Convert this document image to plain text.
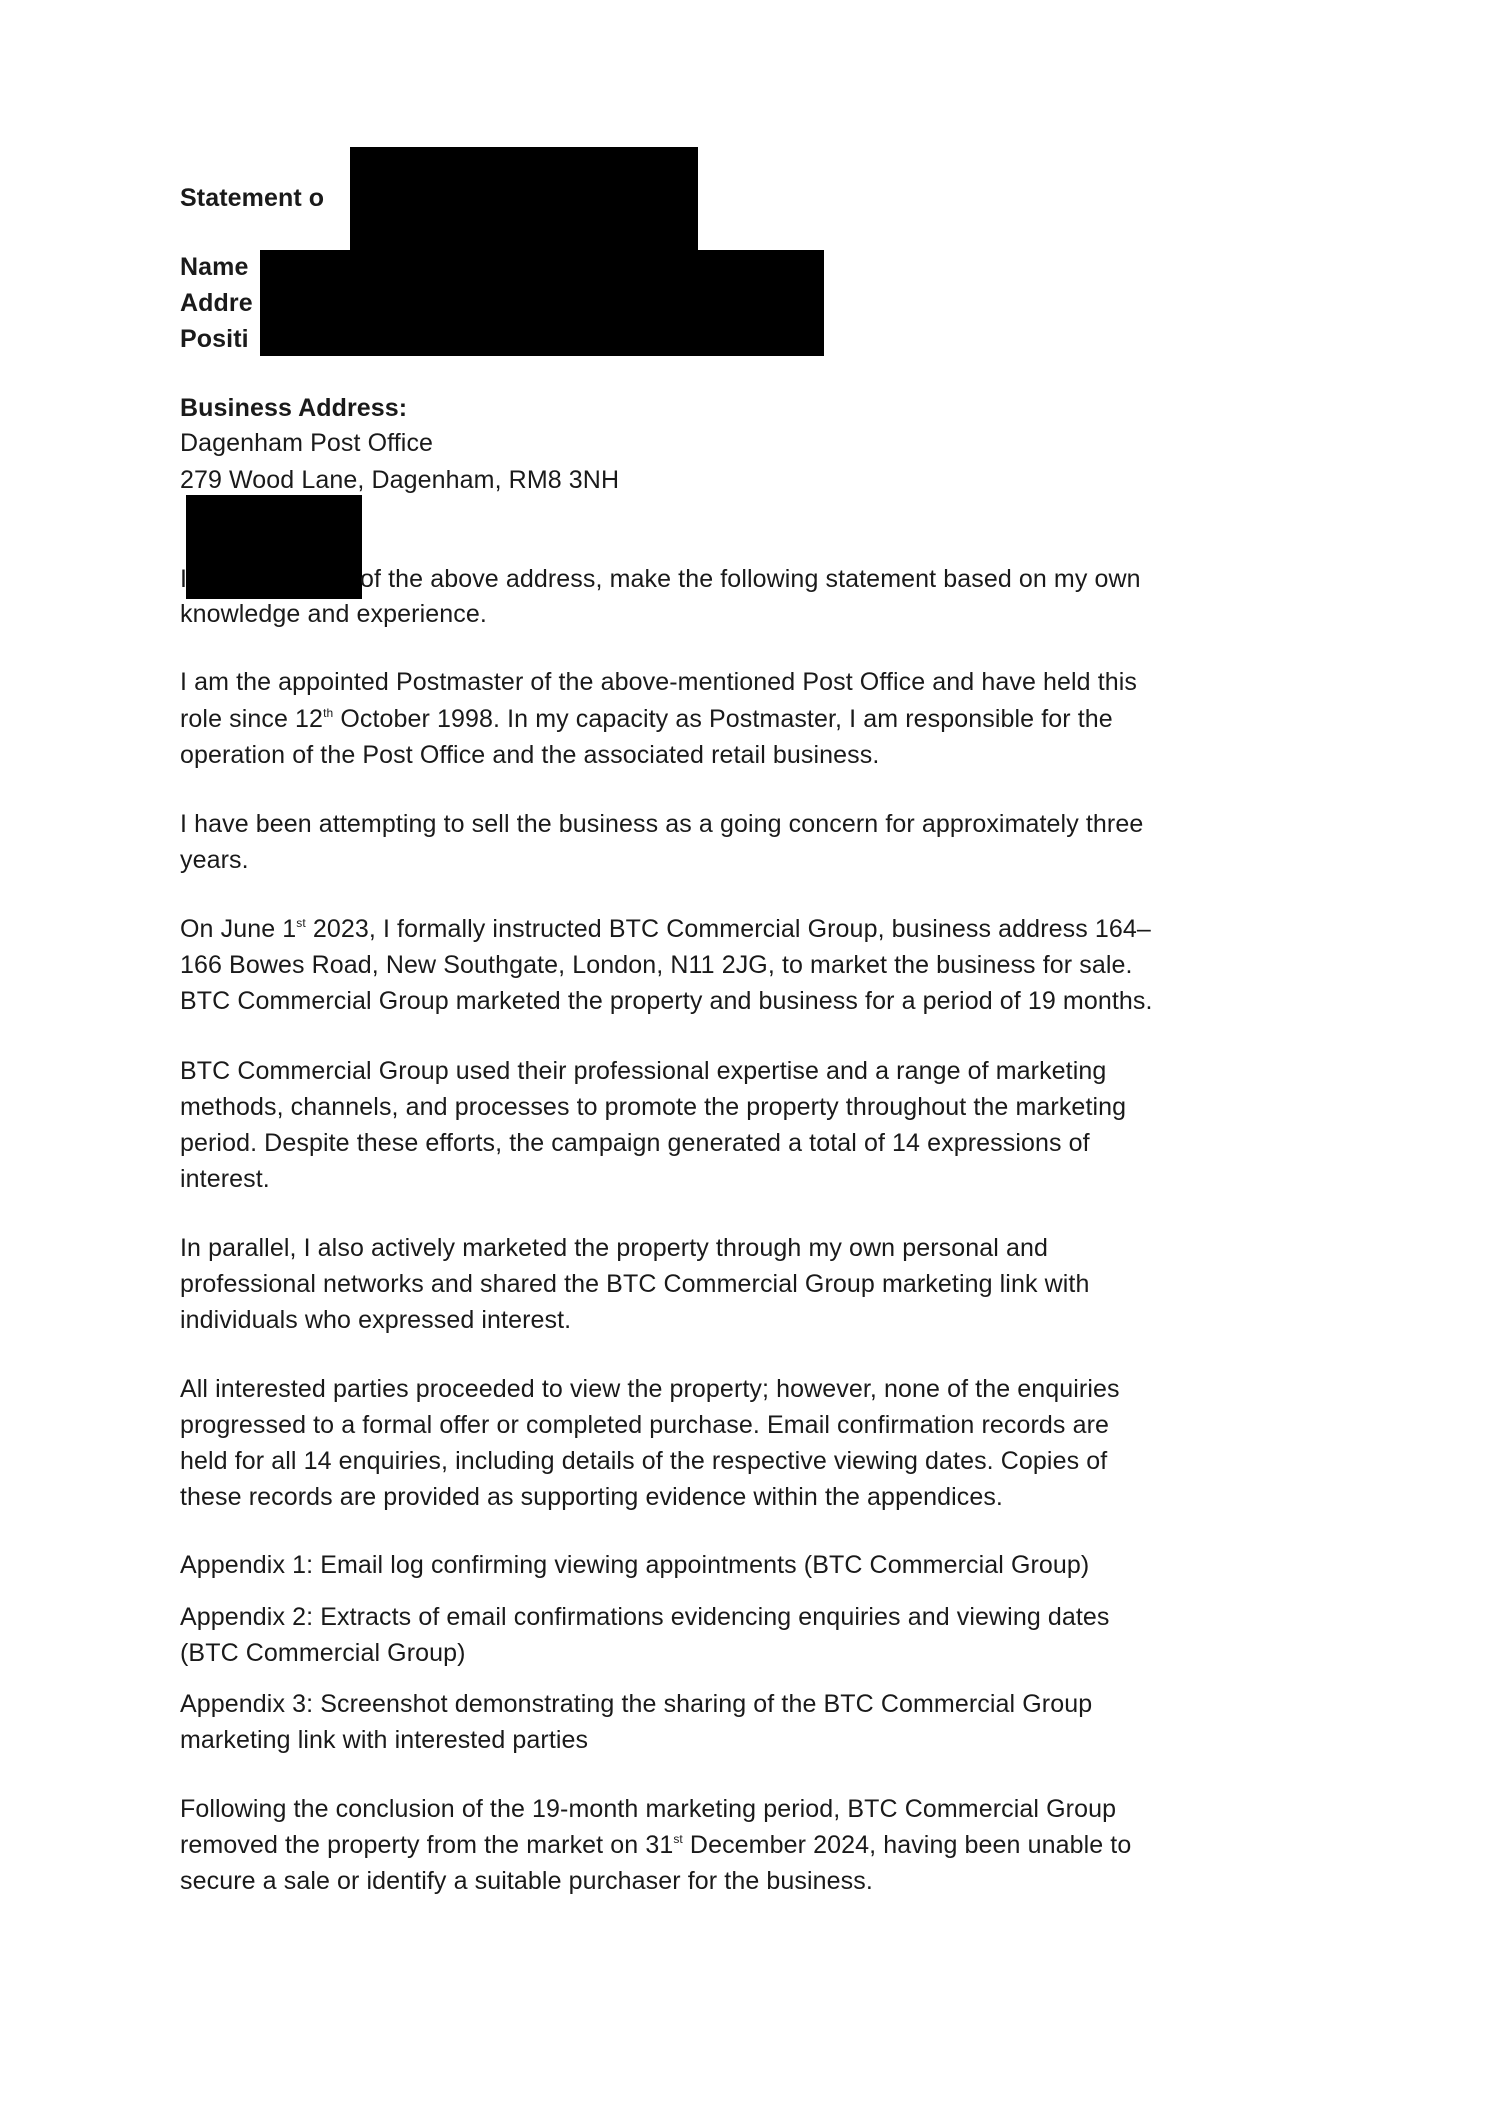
Statement o
Name
Addre
Positi
Business Address:
Dagenham Post Office
279 Wood Lane, Dagenham, RM8 3NH
I	of the above address, make the following statement based on my own
knowledge and experience.
I am the appointed Postmaster of the above-mentioned Post Office and have held this
role since 12th October 1998. In my capacity as Postmaster, I am responsible for the
operation of the Post Office and the associated retail business.
I have been attempting to sell the business as a going concern for approximately three
years.
On June 1st 2023, I formally instructed BTC Commercial Group, business address 164–
166 Bowes Road, New Southgate, London, N11 2JG, to market the business for sale.
BTC Commercial Group marketed the property and business for a period of 19 months.
BTC Commercial Group used their professional expertise and a range of marketing
methods, channels, and processes to promote the property throughout the marketing
period. Despite these efforts, the campaign generated a total of 14 expressions of
interest.
In parallel, I also actively marketed the property through my own personal and
professional networks and shared the BTC Commercial Group marketing link with
individuals who expressed interest.
All interested parties proceeded to view the property; however, none of the enquiries
progressed to a formal offer or completed purchase. Email confirmation records are
held for all 14 enquiries, including details of the respective viewing dates. Copies of
these records are provided as supporting evidence within the appendices.
Appendix 1: Email log confirming viewing appointments (BTC Commercial Group)
Appendix 2: Extracts of email confirmations evidencing enquiries and viewing dates
(BTC Commercial Group)
Appendix 3: Screenshot demonstrating the sharing of the BTC Commercial Group
marketing link with interested parties
Following the conclusion of the 19-month marketing period, BTC Commercial Group
removed the property from the market on 31st December 2024, having been unable to
secure a sale or identify a suitable purchaser for the business.
